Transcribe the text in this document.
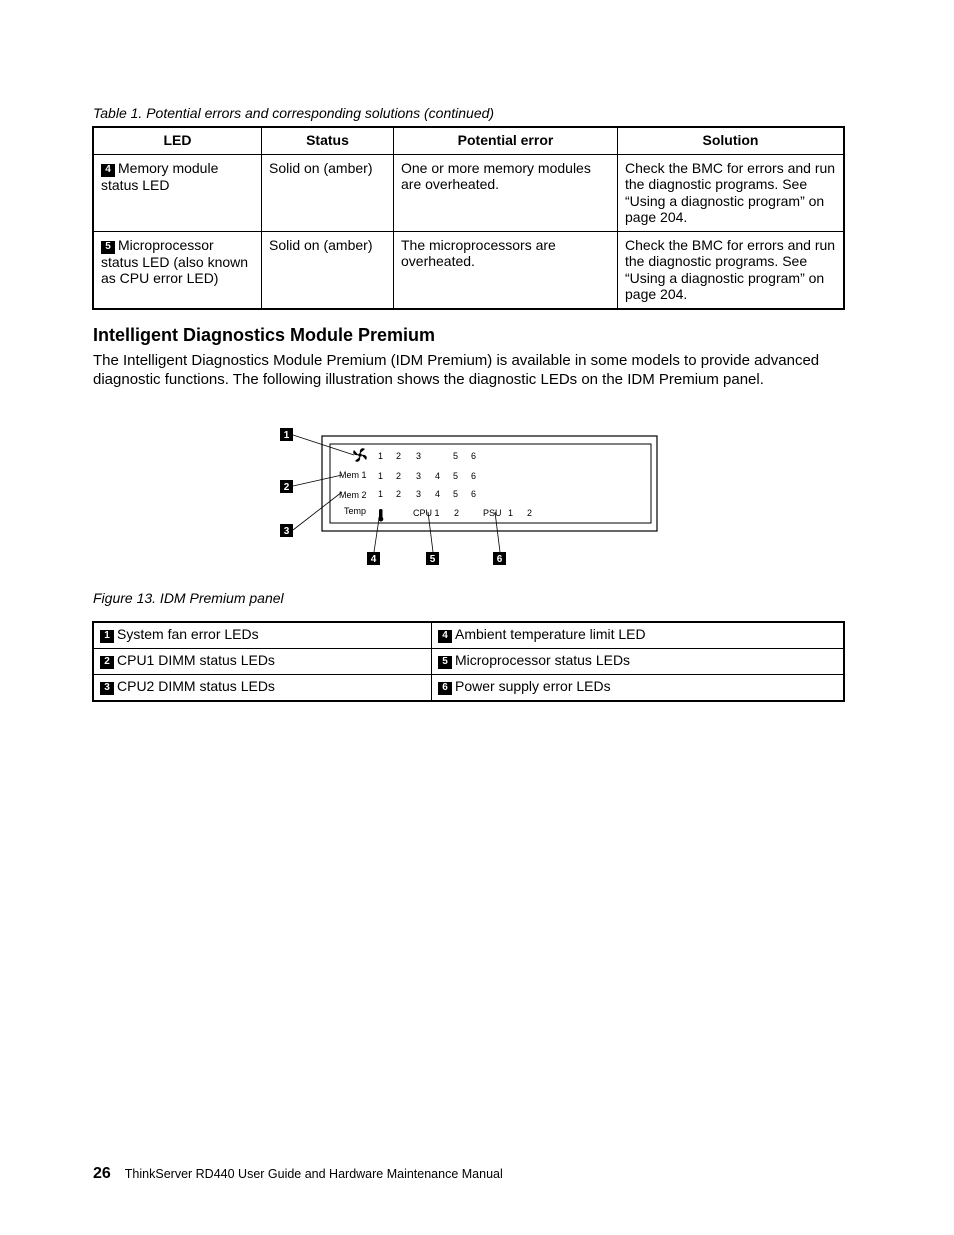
Table 1. Potential errors and corresponding solutions (continued)
LED	Status	Potential error	Solution
4 Memory module status LED	Solid on (amber)	One or more memory modules are overheated.	Check the BMC for errors and run the diagnostic programs. See “Using a diagnostic program” on page 204.
5 Microprocessor status LED (also known as CPU error LED)	Solid on (amber)	The microprocessors are overheated.	Check the BMC for errors and run the diagnostic programs. See “Using a diagnostic program” on page 204.
Intelligent Diagnostics Module Premium

The Intelligent Diagnostics Module Premium (IDM Premium) is available in some models to provide advanced diagnostic functions. The following illustration shows the diagnostic LEDs on the IDM Premium panel.

1
2
3
4	5	6
Mem 1
Mem 2
Temp
1 2 3	5 6
1 2 3 4 5 6
1 2 3 4 5 6
CPU 1 2	PSU 1 2
Figure 13. IDM Premium panel
1 System fan error LEDs	4 Ambient temperature limit LED
2 CPU1 DIMM status LEDs	5 Microprocessor status LEDs
3 CPU2 DIMM status LEDs	6 Power supply error LEDs
26 ThinkServer RD440 User Guide and Hardware Maintenance Manual
